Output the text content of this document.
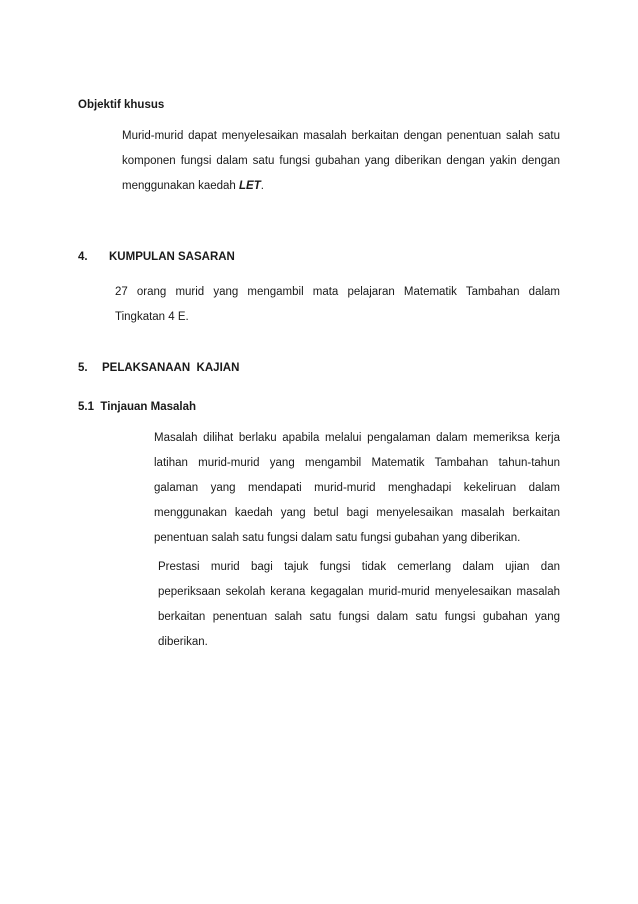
Objektif khusus
Murid-murid dapat menyelesaikan masalah berkaitan dengan penentuan salah satu
komponen fungsi dalam satu fungsi gubahan yang diberikan dengan yakin dengan
menggunakan kaedah LET.
4. KUMPULAN SASARAN
27 orang murid yang mengambil mata pelajaran Matematik Tambahan dalam
Tingkatan 4 E.
5. PELAKSANAAN  KAJIAN
5.1  Tinjauan Masalah
Masalah dilihat berlaku apabila melalui pengalaman dalam memeriksa kerja
latihan murid-murid yang mengambil Matematik Tambahan tahun-tahun
galaman yang mendapati murid-murid menghadapi kekeliruan dalam
menggunakan kaedah yang betul bagi menyelesaikan masalah berkaitan
penentuan salah satu fungsi dalam satu fungsi gubahan yang diberikan.
Prestasi murid bagi tajuk fungsi tidak cemerlang dalam ujian dan
peperiksaan sekolah kerana kegagalan murid-murid menyelesaikan masalah
berkaitan penentuan salah satu fungsi dalam satu fungsi gubahan yang
diberikan.
